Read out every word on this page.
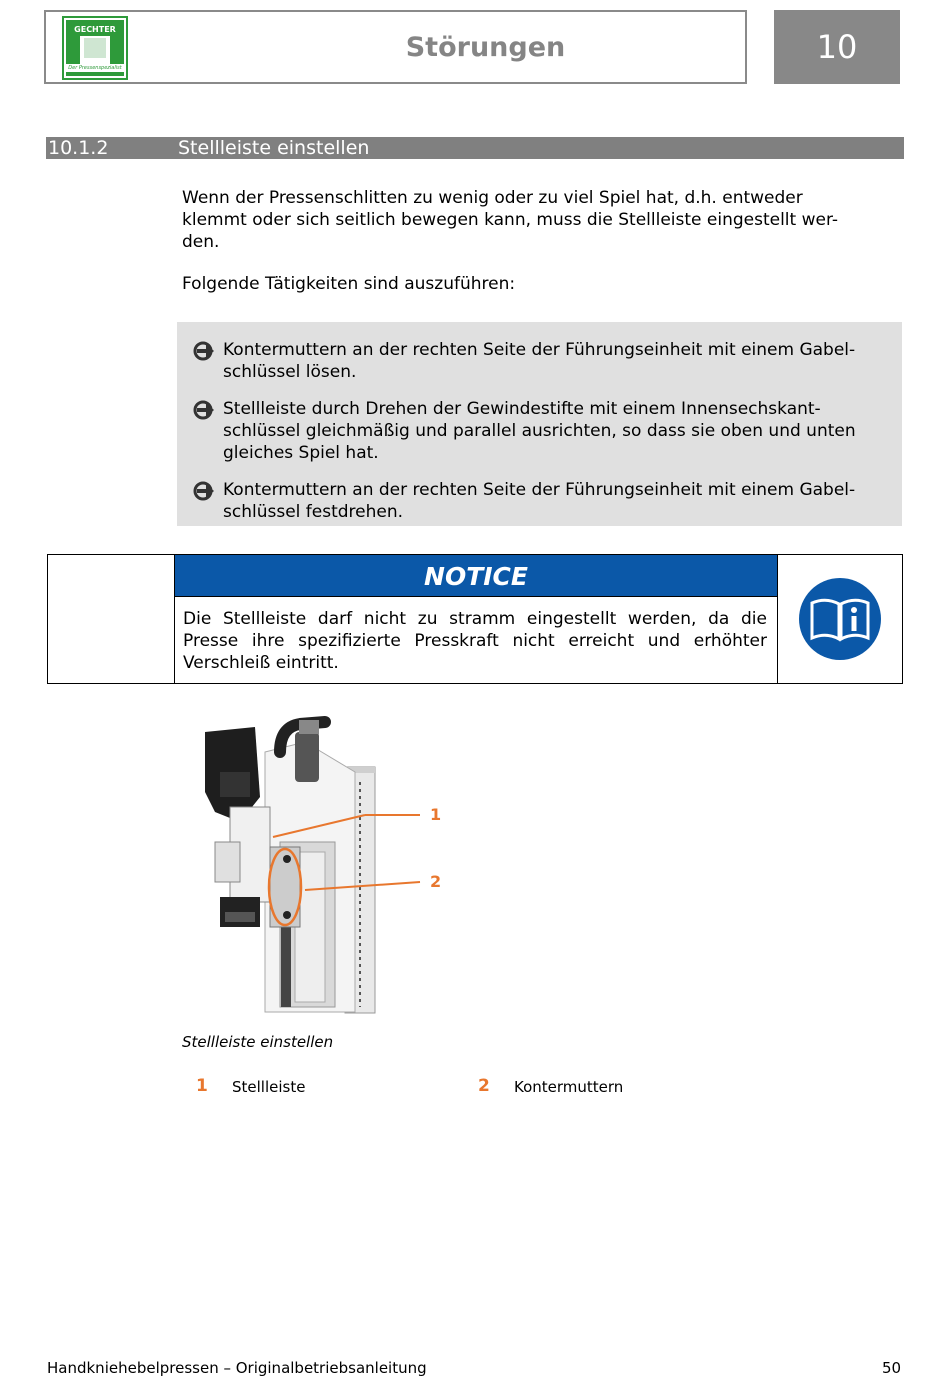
GECHTER
Der Pressenspezialist
Störungen	10
10.1.2	Stellleiste einstellen
Wenn der Pressenschlitten zu wenig oder zu viel Spiel hat, d.h. entweder
klemmt oder sich seitlich bewegen kann, muss die Stellleiste eingestellt wer-
den.
Folgende Tätigkeiten sind auszuführen:
Kontermuttern an der rechten Seite der Führungseinheit mit einem Gabel-
schlüssel lösen.
Stellleiste durch Drehen der Gewindestifte mit einem Innensechskant-
schlüssel gleichmäßig und parallel ausrichten, so dass sie oben und unten
gleiches Spiel hat.
Kontermuttern an der rechten Seite der Führungseinheit mit einem Gabel-
schlüssel festdrehen.
NOTICE
Die Stellleiste darf nicht zu stramm eingestellt werden, da die Presse ihre spezifizierte Presskraft nicht erreicht und erhöhter Verschleiß eintritt.
1
2
Stellleiste einstellen
1 Stellleiste	2 Kontermuttern
Handkniehebelpressen – Originalbetriebsanleitung	50
